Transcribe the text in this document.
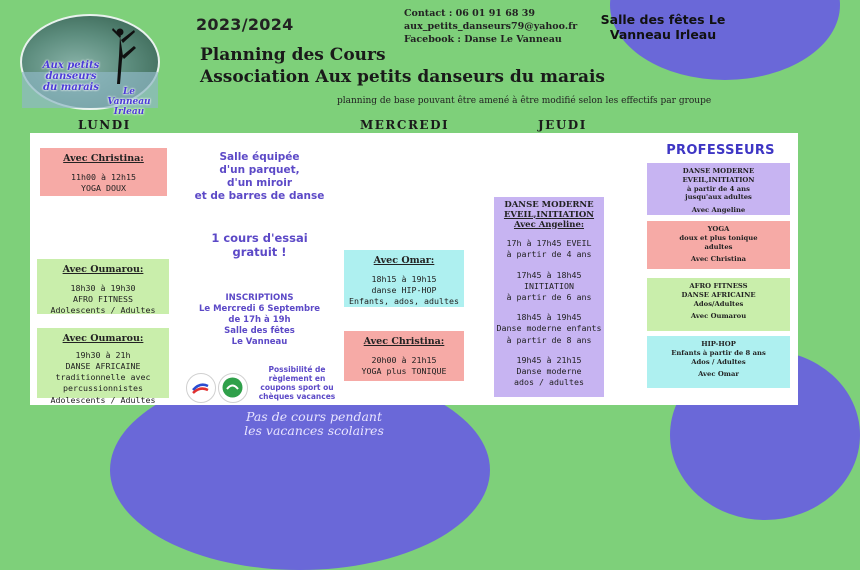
Aux petits danseurs du marais	Le Vanneau Irleau
2023/2024
Planning des Cours
Association Aux petits danseurs du marais
Contact : 06 01 91 68 39
aux_petits_danseurs79@yahoo.fr
Facebook : Danse Le Vanneau
Salle des fêtes Le Vanneau Irleau
planning de base pouvant être amené à être modifié selon les effectifs par groupe
LUNDI	MERCREDI	JEUDI
Avec Christina:
11h00 à 12h15
YOGA DOUX
Avec Oumarou:
18h30 à 19h30
AFRO FITNESS
Adolescents / Adultes
Avec Oumarou:
19h30 à 21h
DANSE AFRICAINE
traditionnelle avec
percussionnistes
Adolescents / Adultes
Salle équipée
d'un parquet,
d'un miroir
et de barres de danse
1 cours d'essai
gratuit !
INSCRIPTIONS
Le Mercredi 6 Septembre
de 17h à 19h
Salle des fêtes
Le Vanneau
Possibilité de
règlement en
coupons sport ou
chèques vacances
Avec Omar:
18h15 à 19h15
danse HIP-HOP
Enfants, ados, adultes
Avec Christina:
20h00 à 21h15
YOGA plus TONIQUE
DANSE MODERNE
EVEIL,INITIATION
Avec Angeline:
17h à 17h45 EVEIL
à partir de 4 ans
17h45 à 18h45
INITIATION
à partir de 6 ans
18h45 à 19h45
Danse moderne enfants
à partir de 8 ans
19h45 à 21h15
Danse moderne
ados / adultes
PROFESSEURS
DANSE MODERNE
EVEIL,INITIATION
à partir de 4 ans
jusqu'aux adultes
Avec Angeline
YOGA
doux et plus tonique
adultes
Avec Christina
AFRO FITNESS
DANSE AFRICAINE
Ados/Adultes
Avec Oumarou
HIP-HOP
Enfants à partir de 8 ans
Ados / Adultes
Avec Omar
Pas de cours pendant
les vacances scolaires
